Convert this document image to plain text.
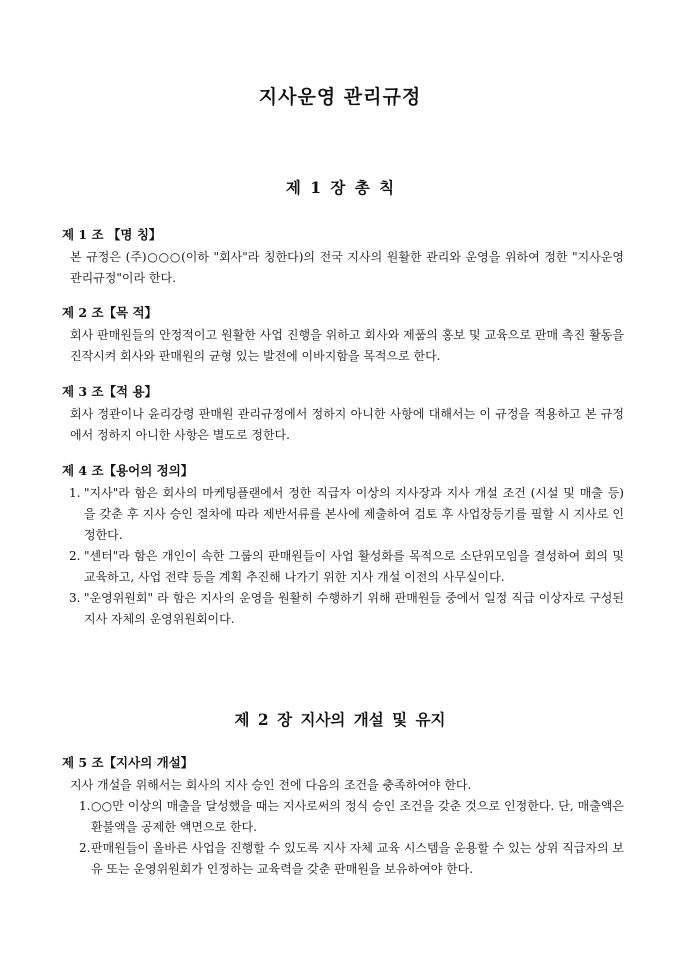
지사운영 관리규정
제 1 장 총 칙
제 1 조 【명 칭】
본 규정은 (주)○○○(이하 "회사"라 칭한다)의 전국 지사의 원활한 관리와 운영을 위하여 정한 "지사운영 관리규정"이라 한다.
제 2 조【목 적】
회사 판매원들의 안정적이고 원활한 사업 진행을 위하고 회사와 제품의 홍보 및 교육으로 판매 촉진 활동을 진작시켜 회사와 판매원의 균형 있는 발전에 이바지함을 목적으로 한다.
제 3 조【적 용】
회사 정관이나 윤리강령 판매원 관리규정에서 정하지 아니한 사항에 대해서는 이 규정을 적용하고 본 규정에서 정하지 아니한 사항은 별도로 정한다.
제 4 조【용어의 정의】
1. "지사"라 함은 회사의 마케팅플랜에서 정한 직급자 이상의 지사장과 지사 개설 조건 (시설 및 매출 등) 을 갖춘 후 지사 승인 절차에 따라 제반서류를 본사에 제출하여 검토 후 사업장등기를 필할 시 지사로 인정한다.
2. "센터"라 함은 개인이 속한 그룹의 판매원들이 사업 활성화를 목적으로 소단위모임을 결성하여 회의 및 교육하고, 사업 전략 등을 계획 추진해 나가기 위한 지사 개설 이전의 사무실이다.
3. "운영위원회" 라 함은 지사의 운영을 원활히 수행하기 위해 판매원들 중에서 일정 직급 이상자로 구성된 지사 자체의 운영위원회이다.
제 2 장 지사의 개설 및 유지
제 5 조【지사의 개설】
지사 개설을 위해서는 회사의 지사 승인 전에 다음의 조건을 충족하여야 한다.
1. ○○만 이상의 매출을 달성했을 때는 지사로써의 정식 승인 조건을 갖춘 것으로 인정한다. 단, 매출액은 환불액을 공제한 액면으로 한다.
2. 판매원들이 올바른 사업을 진행할 수 있도록 지사 자체 교육 시스템을 운용할 수 있는 상위 직급자의 보유 또는 운영위원회가 인정하는 교육력을 갖춘 판매원을 보유하여야 한다.
